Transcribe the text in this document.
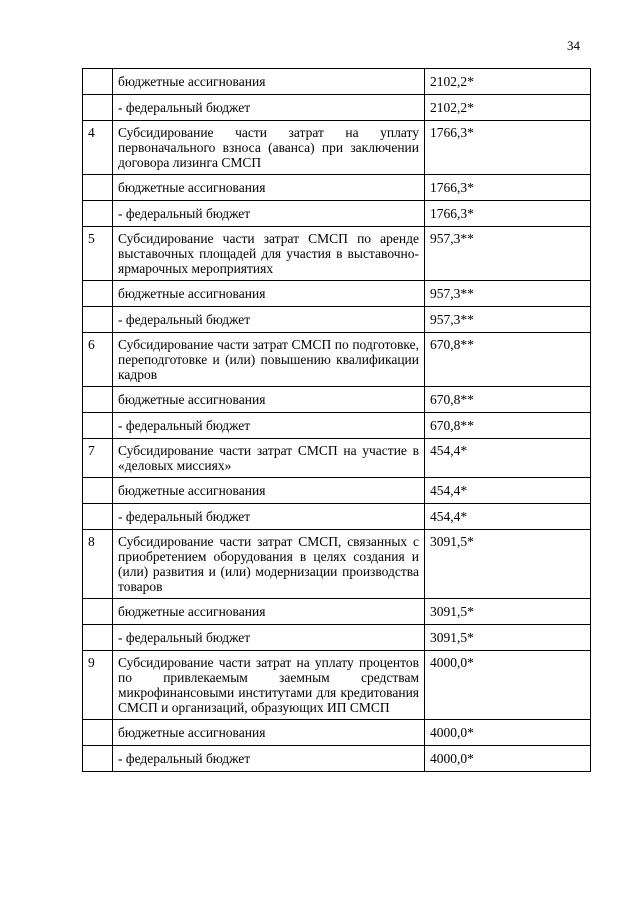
34
	бюджетные ассигнования	2102,2*
	- федеральный бюджет	2102,2*
4	Субсидирование части затрат на уплату первоначального взноса (аванса) при заключении договора лизинга СМСП	1766,3*
	бюджетные ассигнования	1766,3*
	- федеральный бюджет	1766,3*
5	Субсидирование части затрат СМСП по аренде выставочных площадей для участия в выставочно-ярмарочных мероприятиях	957,3**
	бюджетные ассигнования	957,3**
	- федеральный бюджет	957,3**
6	Субсидирование части затрат СМСП по подготовке, переподготовке и (или) повышению квалификации кадров	670,8**
	бюджетные ассигнования	670,8**
	- федеральный бюджет	670,8**
7	Субсидирование части затрат СМСП на участие в «деловых миссиях»	454,4*
	бюджетные ассигнования	454,4*
	- федеральный бюджет	454,4*
8	Субсидирование части затрат СМСП, связанных с приобретением оборудования в целях создания и (или) развития и (или) модернизации производства товаров	3091,5*
	бюджетные ассигнования	3091,5*
	- федеральный бюджет	3091,5*
9	Субсидирование части затрат на уплату процентов по привлекаемым заемным средствам микрофинансовыми институтами для кредитования СМСП и организаций, образующих ИП СМСП	4000,0*
	бюджетные ассигнования	4000,0*
	- федеральный бюджет	4000,0*
